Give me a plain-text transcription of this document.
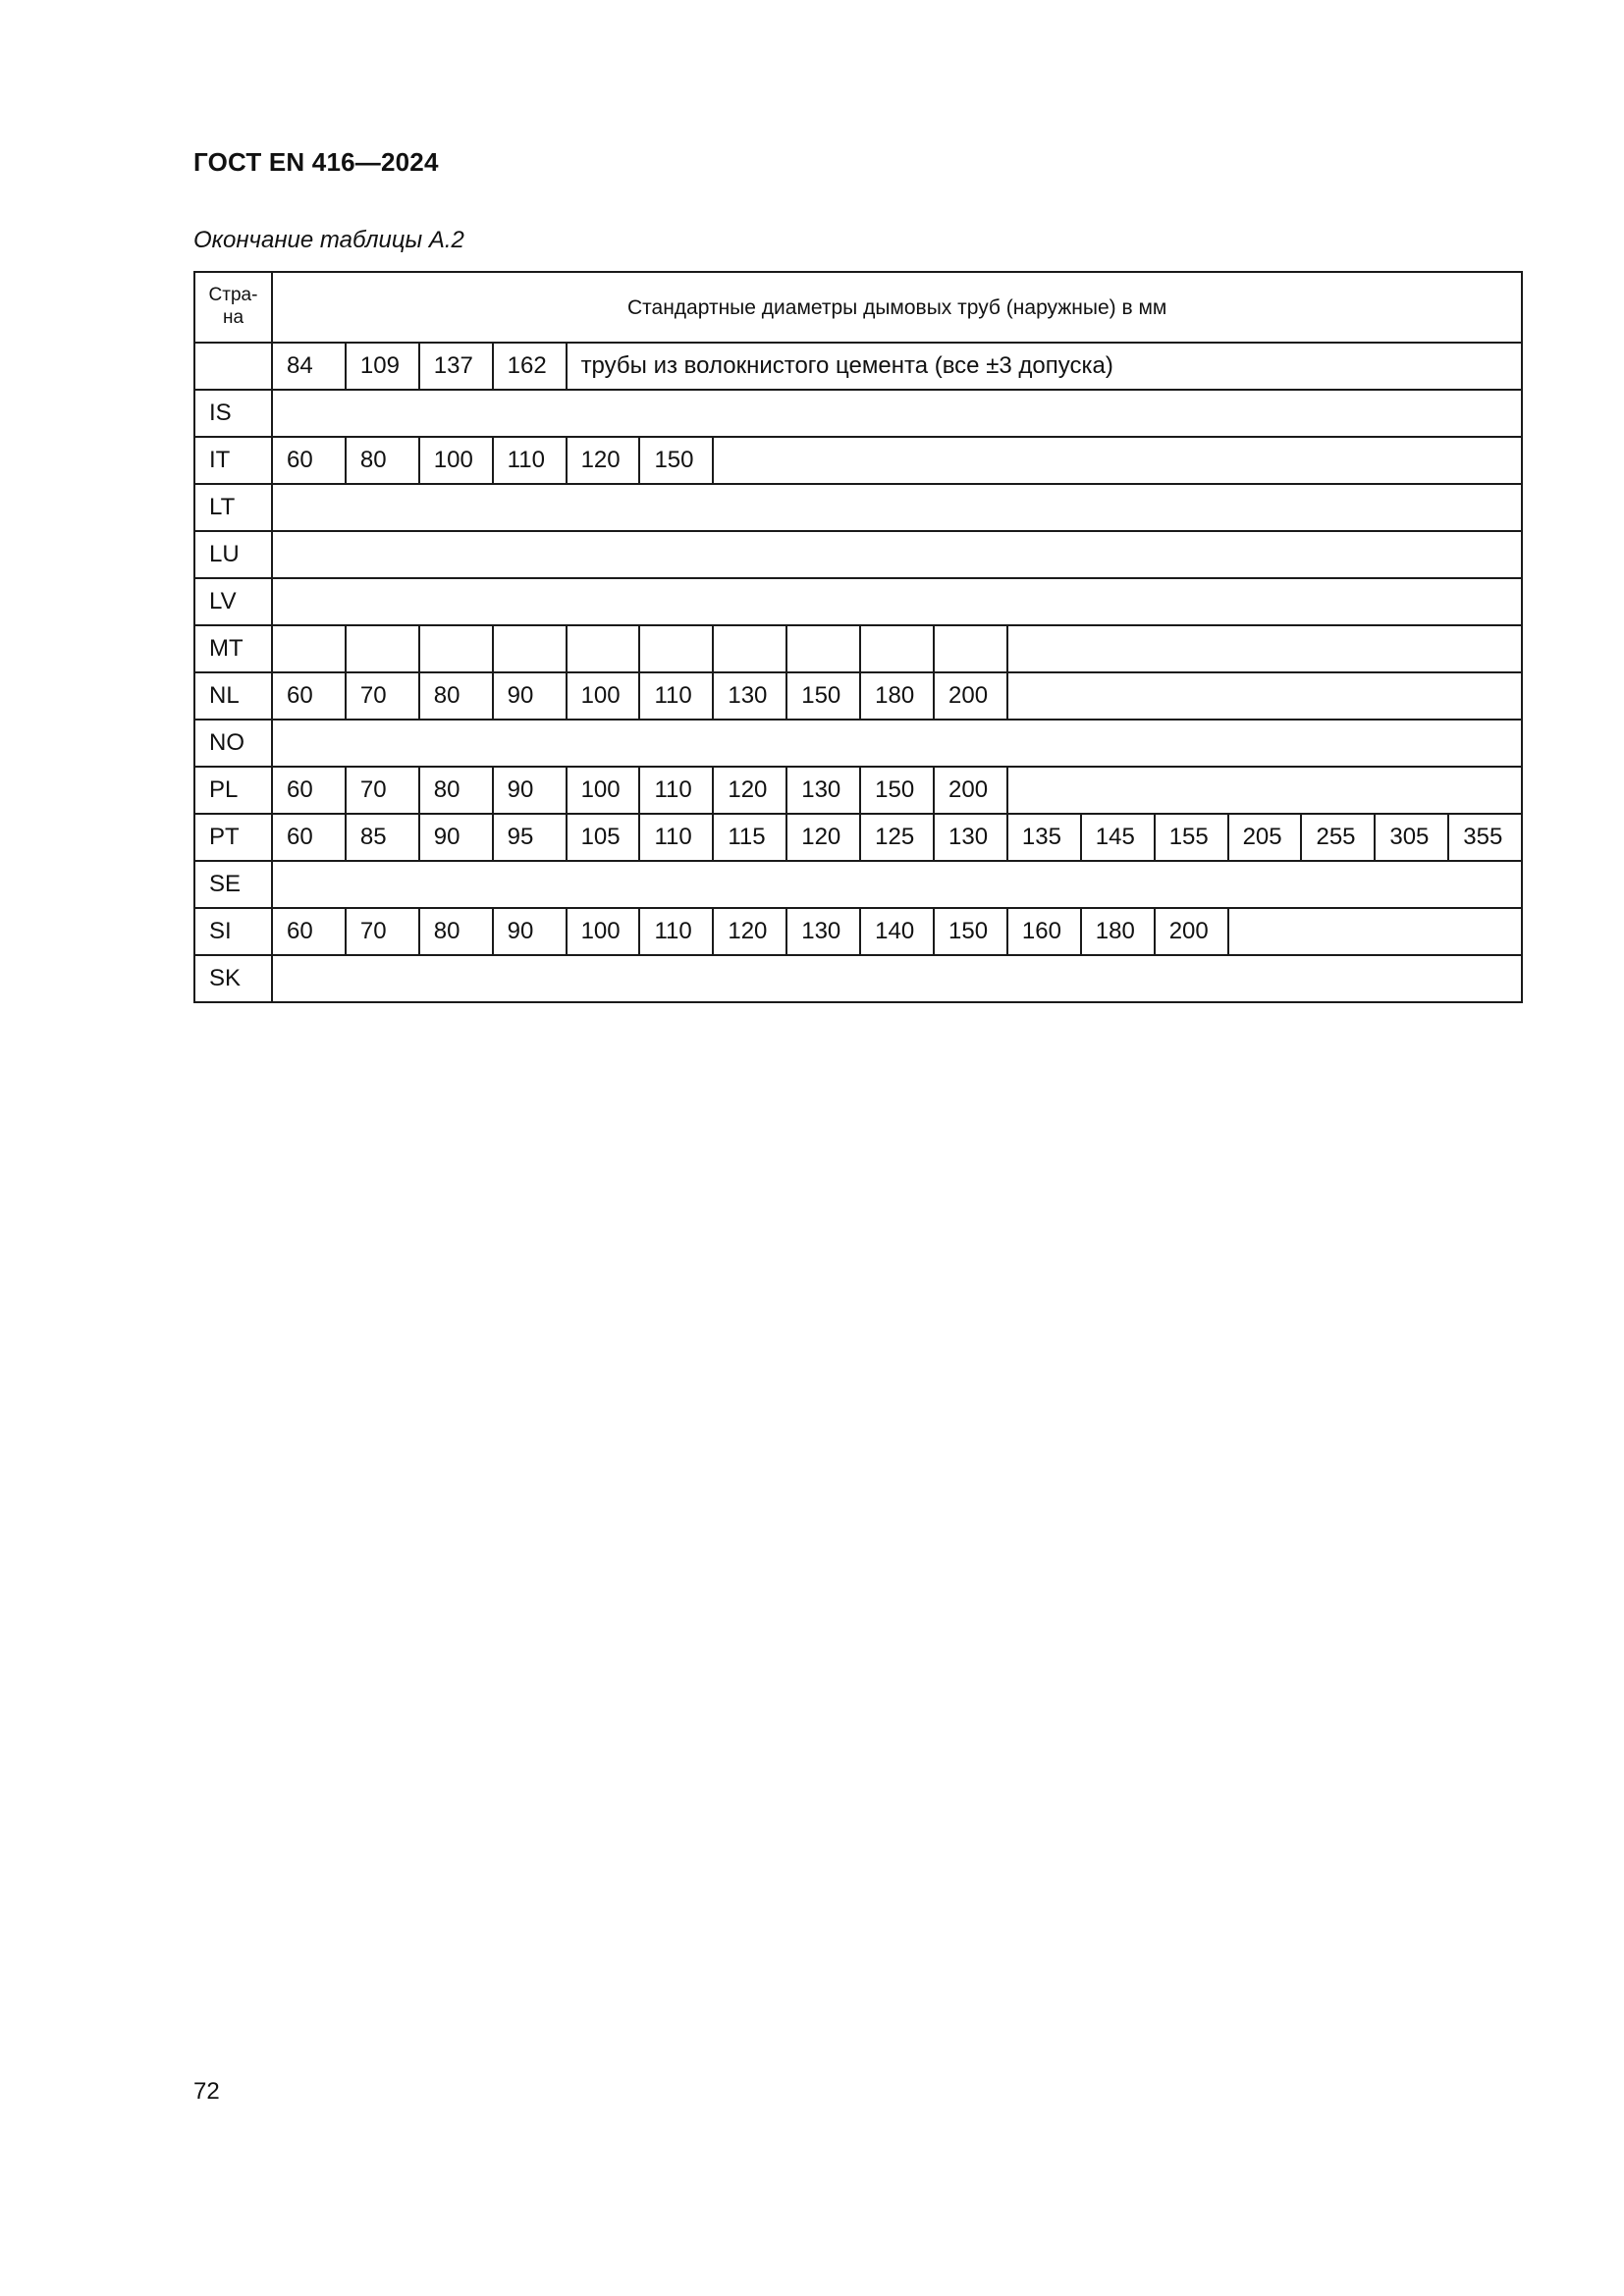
ГОСТ EN 416—2024
Окончание таблицы А.2
Стра-
на	Стандартные диаметры дымовых труб (наружные) в мм																
	84	109	137	162	трубы из волокнистого цемента (все ±3 допуска)												
IS																	
IT	60	80	100	110	120	150											
LT																	
LU																	
LV																	
MT																	
NL	60	70	80	90	100	110	130	150	180	200							
NO																	
PL	60	70	80	90	100	110	120	130	150	200							
PT	60	85	90	95	105	110	115	120	125	130	135	145	155	205	255	305	355
SE																	
SI	60	70	80	90	100	110	120	130	140	150	160	180	200				
SK																	
72
